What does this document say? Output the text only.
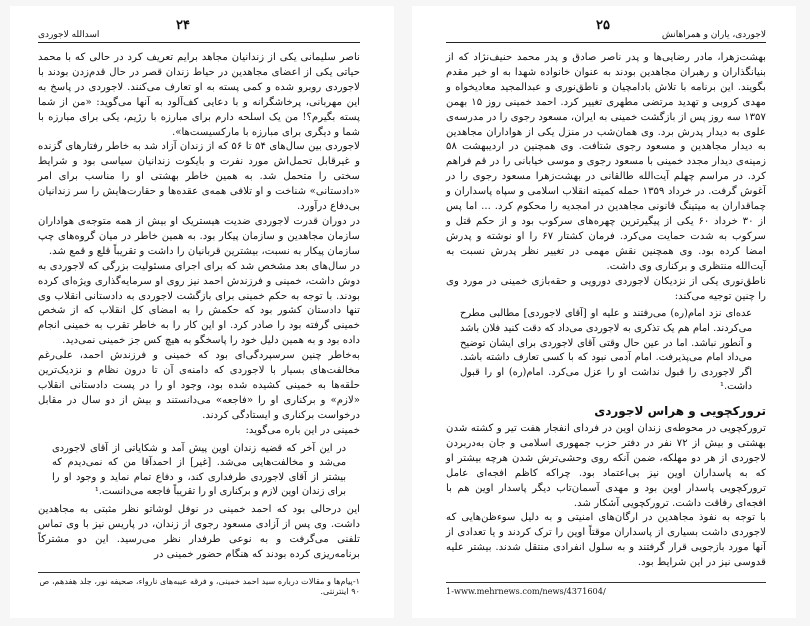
۲۴
اسدالله لاجوردی

ناصر سلیمانی یکی از زندانیان مجاهد برایم تعریف کرد در حالی که با محمد حیاتی یکی از اعضای مجاهدین در حیاط زندان قصر در حال قدم‌زدن بودند با لاجوردی روبرو شده و کمی پسته به او تعارف می‌کنند. لاجوردی در پاسخ به این مهربانی، پرخاشگرانه و با دعایی کف‌آلود به آنها می‌گوید: «من از شما پسته بگیرم؟! من یک اسلحه دارم برای مبارزه با رژیم، یکی برای مبارزه با شما و دیگری برای مبارزه با مارکسیست‌ها».

لاجوردی بین سال‌های ۵۴ تا ۵۶ که از زندان آزاد شد به خاطر رفتارهای گزنده و غیرقابل تحمل‌اش مورد نفرت و بایکوت زندانیان سیاسی بود و شرایط سختی را متحمل شد. به همین خاطر بهشتی او را مناسب برای امر «دادستانی» شناخت و او تلافی همه‌ی عقده‌ها و حقارت‌هایش را سر زندانیان بی‌دفاع درآورد.

در دوران قدرت لاجوردی ضدیت هیستریک او بیش از همه متوجه‌ی هواداران سازمان مجاهدین و سازمان پیکار بود. به همین خاطر در میان گروه‌های چپ سازمان پیکار به نسبت، بیشترین قربانیان را داشت و تقریباً قلع و قمع شد.

در سال‌های بعد مشخص شد که برای اجرای مسئولیت بزرگی که لاجوردی به دوش داشت، خمینی و فرزندش احمد نیز روی او سرمایه‌گذاری ویژه‌ای کرده بودند. با توجه به حکم خمینی برای بازگشت لاجوردی به دادستانی انقلاب وی تنها دادستان کشور بود که حکمش را به امضای کل انقلاب که از شخص خمینی گرفته بود را صادر کرد. او این کار را به خاطر تقرب به خمینی انجام داده بود و به همین دلیل خود را پاسخگو به هیچ کس جز خمینی نمی‌دید.

به‌خاطر چنین سرسپردگی‌ای بود که خمینی و فرزندش احمد، علی‌رغم مخالفت‌های بسیار با لاجوردی که دامنه‌ی آن تا درون نظام و نزدیک‌ترین حلقه‌ها به خمینی کشیده شده بود، وجود او را در پست دادستانی انقلاب «لازم» و برکناری او را «فاجعه» می‌دانستند و بیش از دو سال در مقابل درخواست برکناری و ایستادگی کردند.

خمینی در این باره می‌گوید:

در این آخر که قضیه زندان اوین پیش آمد و شکایاتی از آقای لاجوردی می‌شد و مخالفت‌هایی می‌شد. [غیر] از احمدآقا من که نمی‌دیدم که بیشتر از آقای لاجوردی طرفداری کند، و دفاع تمام نماید و وجود او را برای زندان اوین لازم و برکناری او را تقریباً فاجعه می‌دانست.¹

این درحالی بود که احمد خمینی در نوفل لوشاتو نظر مثبتی به مجاهدین داشت. وی پس از آزادی مسعود رجوی از زندان، در پاریس نیز با وی تماس تلفنی می‌گرفت و به نوعی طرفدار نظر می‌رسید. این دو مشترکاً برنامه‌ریزی کرده بودند که هنگام حضور خمینی در

۱-پیام‌ها و مقالات درباره سید احمد خمینی، و فرقه عیبه‌های نارواء، صحیفه نور، جلد هفدهم، ص ۹۰ اینترنتی.
لاجوردی، یاران و همراهانش
۲۵

بهشت‌زهرا، مادر رضایی‌ها و پدر ناصر صادق و پدر محمد حنیف‌نژاد که از بنیانگذاران و رهبران مجاهدین بودند به عنوان خانواده شهدا به او خیر مقدم بگویند. این برنامه با تلاش بادامچیان و ناطق‌نوری و عبدالمجید معادیخواه و مهدی کروبی و تهدید مرتضی مطهری تغییر کرد. احمد خمینی روز ۱۵ بهمن ۱۳۵۷ سه روز پس از بازگشت خمینی به ایران، مسعود رجوی را در مدرسه‌ی علوی به دیدار پدرش برد. وی همان‌شب در منزل یکی از هواداران مجاهدین به دیدار مجاهدین و مسعود رجوی شتافت. وی همچنین در اردیبهشت ۵۸ زمینه‌ی دیدار مجدد خمینی با مسعود رجوی و موسی خیابانی را در قم فراهم کرد. در مراسم چهلم آیت‌الله طالقانی در بهشت‌زهرا مسعود رجوی را در آغوش گرفت. در خرداد ۱۳۵۹ حمله کمیته انقلاب اسلامی و سپاه پاسداران و چماقداران به میتینگ قانونی مجاهدین در امجدیه را محکوم کرد. ... اما پس از ۳۰ خرداد ۶۰ یکی از پیگیرترین چهره‌های سرکوب بود و از حکم قتل و سرکوب به شدت حمایت می‌کرد. فرمان کشتار ۶۷ را او نوشته و پدرش امضا کرده بود. وی همچنین نقش مهمی در تغییر نظر پدرش نسبت به آیت‌الله منتظری و برکناری وی داشت.

ناطق‌نوری یکی از نزدیکان لاجوردی دورویی و حقه‌بازی خمینی در مورد وی را چنین توجیه می‌کند:

عده‌ای نزد امام(ره) می‌رفتند و علیه او [آقای لاجوردی] مطالبی مطرح می‌کردند. امام هم یک تذکری به لاجوردی می‌داد که دقت کنید فلان باشد و آنطور نباشد. اما در عین حال وقتی آقای لاجوردی برای ایشان توضیح می‌داد امام می‌پذیرفت. امام آدمی نبود که با کسی تعارف داشته باشد. اگر لاجوردی را قبول نداشت او را عزل می‌کرد. امام(ره) او را قبول داشت.¹

ترورکچویی و هراس لاجوردی

ترورکچویی در محوطه‌ی زندان اوین در فردای انفجار هفت تیر و کشته شدن بهشتی و بیش از ۷۲ نفر در دفتر حزب جمهوری اسلامی و جان به‌دربردن لاجوردی از هر دو مهلکه، ضمن آنکه روی وحشی‌ترش شدن هرچه بیشتر او که به پاسداران اوین نیز بی‌اعتماد بود. چراکه کاظم افجه‌ای عامل ترورکچویی پاسدار اوین بود و مهدی آسمان‌تاب دیگر پاسدار اوین هم با افجه‌ای رفاقت داشت. ترورکچویی آشکار شد.

با توجه به نفوذ مجاهدین در ارگان‌های امنیتی و به دلیل سوءظن‌هایی که لاجوردی داشت بسیاری از پاسداران موقتاً اوین را ترک کردند و یا تعدادی از آنها مورد بازجویی قرار گرفتند و به سلول انفرادی منتقل شدند. بیشتر علیه قدوسی نیز در این شرایط بود.

1-www.mehrnews.com/news/4371604/
